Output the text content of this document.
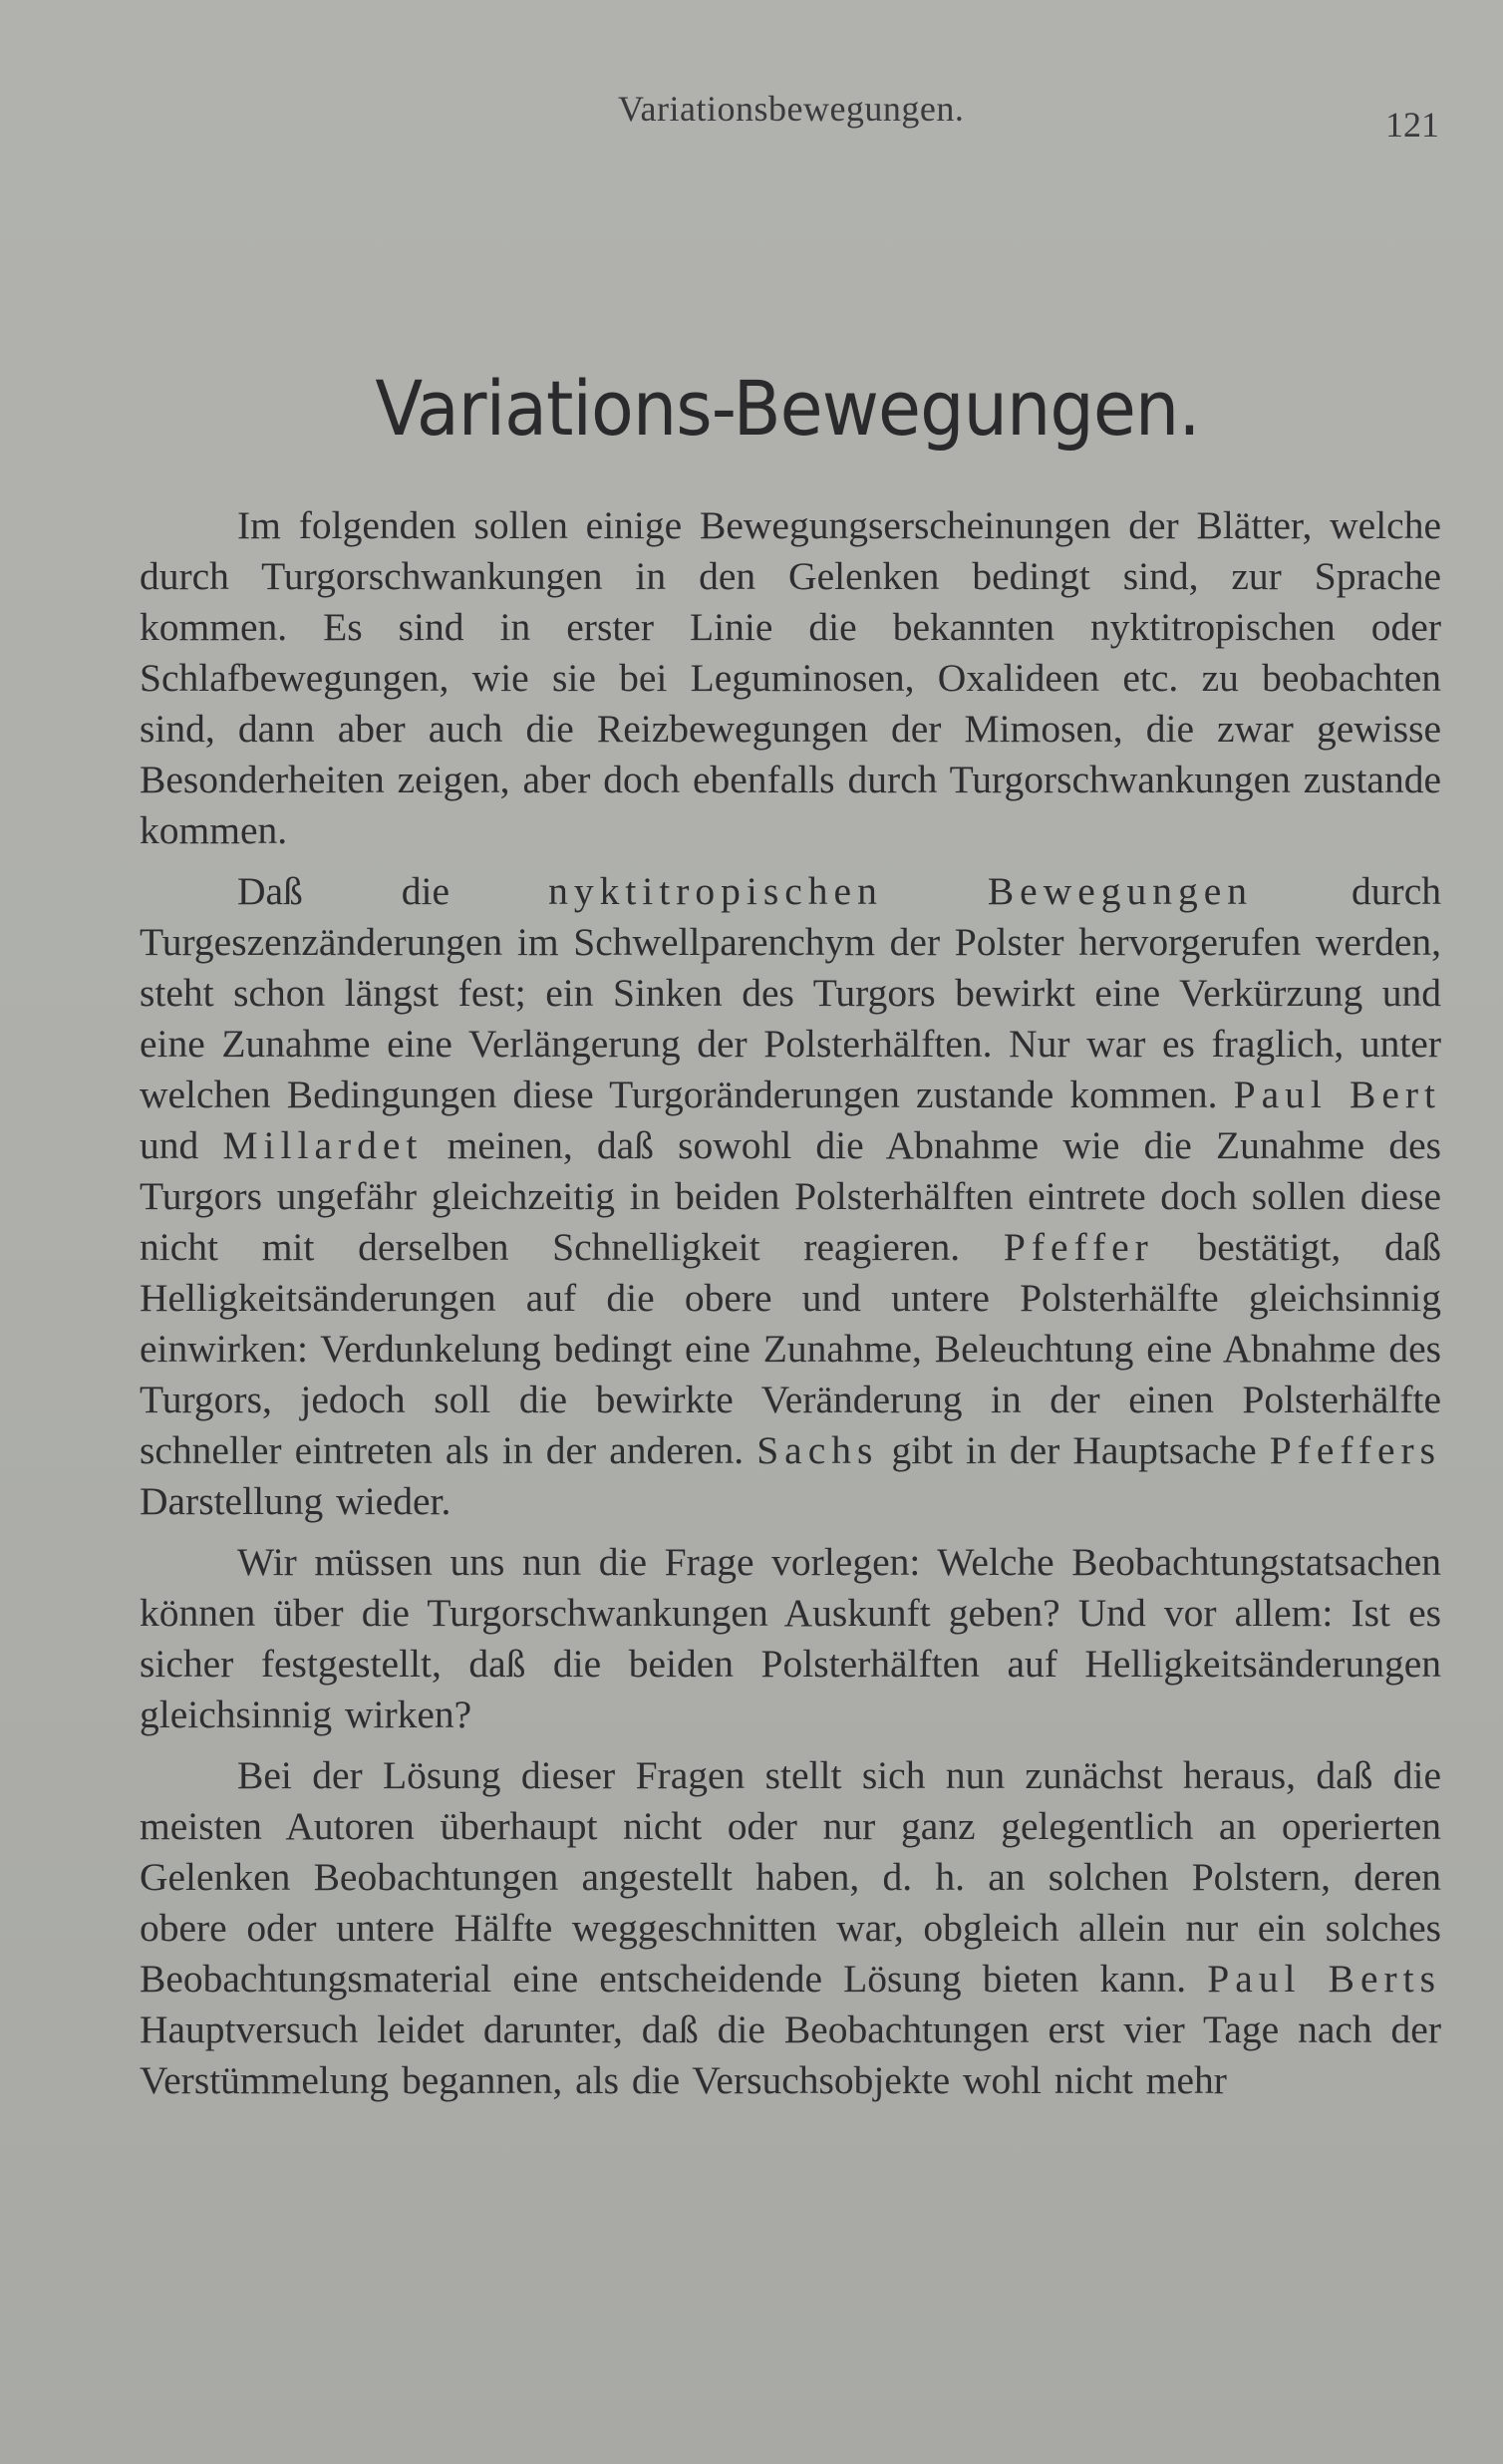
Variationsbewegungen.	121
Variations-Bewegungen.

Im folgenden sollen einige Bewegungserscheinungen der Blätter, welche durch Turgorschwankungen in den Gelenken bedingt sind, zur Sprache kommen. Es sind in erster Linie die bekannten nyktitropischen oder Schlafbewegungen, wie sie bei Leguminosen, Oxalideen etc. zu beobachten sind, dann aber auch die Reizbewegungen der Mimosen, die zwar gewisse Besonderheiten zeigen, aber doch ebenfalls durch Turgorschwankungen zustande kommen.

Daß die nyktitropischen Bewegungen durch Turgeszenzänderungen im Schwellparenchym der Polster hervorgerufen werden, steht schon längst fest; ein Sinken des Turgors bewirkt eine Verkürzung und eine Zunahme eine Verlängerung der Polsterhälften. Nur war es fraglich, unter welchen Bedingungen diese Turgoränderungen zustande kommen. Paul Bert und Millardet meinen, daß sowohl die Abnahme wie die Zunahme des Turgors ungefähr gleichzeitig in beiden Polsterhälften eintrete doch sollen diese nicht mit derselben Schnelligkeit reagieren. Pfeffer bestätigt, daß Helligkeitsänderungen auf die obere und untere Polsterhälfte gleichsinnig einwirken: Verdunkelung bedingt eine Zunahme, Beleuchtung eine Abnahme des Turgors, jedoch soll die bewirkte Veränderung in der einen Polsterhälfte schneller eintreten als in der anderen. Sachs gibt in der Hauptsache Pfeffers Darstellung wieder.

Wir müssen uns nun die Frage vorlegen: Welche Beobachtungstatsachen können über die Turgorschwankungen Auskunft geben? Und vor allem: Ist es sicher festgestellt, daß die beiden Polsterhälften auf Helligkeitsänderungen gleichsinnig wirken?

Bei der Lösung dieser Fragen stellt sich nun zunächst heraus, daß die meisten Autoren überhaupt nicht oder nur ganz gelegentlich an operierten Gelenken Beobachtungen angestellt haben, d. h. an solchen Polstern, deren obere oder untere Hälfte weggeschnitten war, obgleich allein nur ein solches Beobachtungsmaterial eine entscheidende Lösung bieten kann. Paul Berts Hauptversuch leidet darunter, daß die Beobachtungen erst vier Tage nach der Verstümmelung begannen, als die Versuchsobjekte wohl nicht mehr
